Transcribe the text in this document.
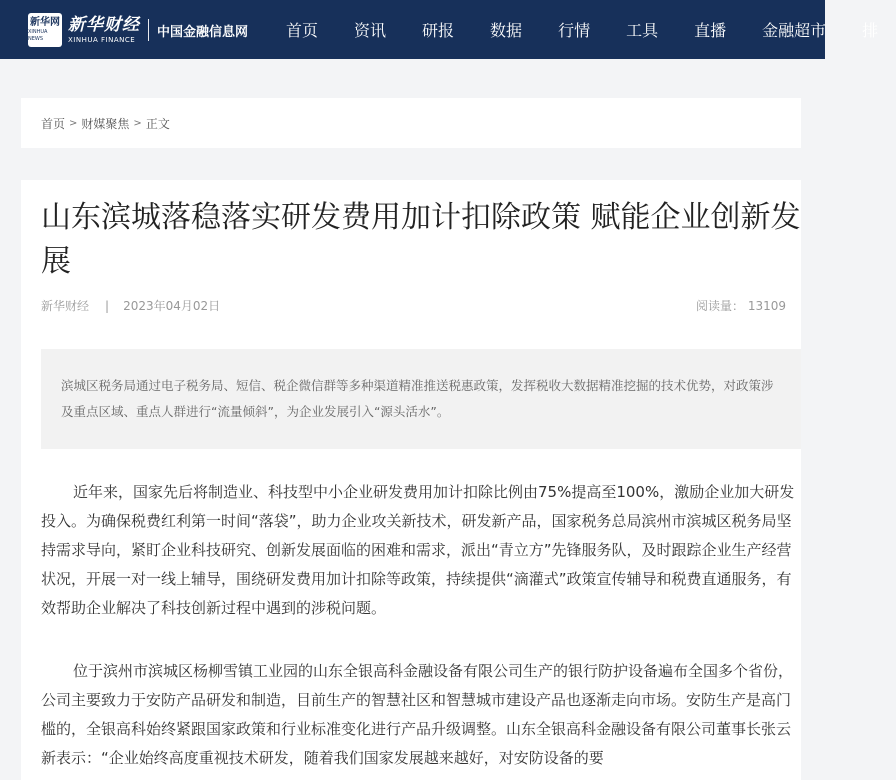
新华网
XINHUA NEWS
新华财经
XINHUA FINANCE
中国金融信息网	首页	资讯	研报	数据	行情	工具	直播	金融超市	排
首页 > 财媒聚焦 > 正文
山东滨城落稳落实研发费用加计扣除政策 赋能企业创新发展
新华财经 | 2023年04月02日	阅读量： 13109
滨城区税务局通过电子税务局、短信、税企微信群等多种渠道精准推送税惠政策，发挥税收大数据精准挖掘的技术优势，对政策涉及重点区域、重点人群进行“流量倾斜”，为企业发展引入“源头活水”。

近年来，国家先后将制造业、科技型中小企业研发费用加计扣除比例由75%提高至100%，激励企业加大研发投入。为确保税费红利第一时间“落袋”，助力企业攻关新技术，研发新产品，国家税务总局滨州市滨城区税务局坚持需求导向，紧盯企业科技研究、创新发展面临的困难和需求，派出“青立方”先锋服务队，及时跟踪企业生产经营状况，开展一对一线上辅导，围绕研发费用加计扣除等政策，持续提供“滴灌式”政策宣传辅导和税费直通服务，有效帮助企业解决了科技创新过程中遇到的涉税问题。

位于滨州市滨城区杨柳雪镇工业园的山东全银高科金融设备有限公司生产的银行防护设备遍布全国多个省份，公司主要致力于安防产品研发和制造，目前生产的智慧社区和智慧城市建设产品也逐渐走向市场。安防生产是高门槛的，全银高科始终紧跟国家政策和行业标准变化进行产品升级调整。山东全银高科金融设备有限公司董事长张云新表示：“企业始终高度重视技术研发，随着我们国家发展越来越好，对安防设备的要
